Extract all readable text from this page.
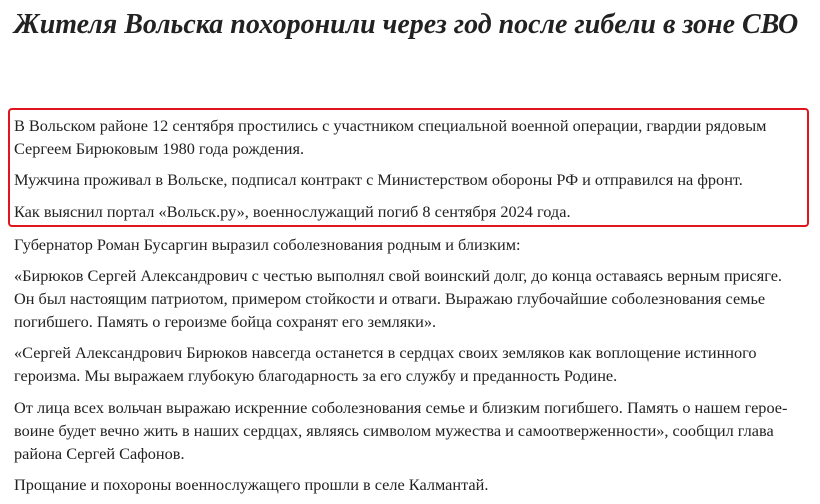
Жителя Вольска похоронили через год после гибели в зоне СВО

В Вольском районе 12 сентября простились с участником специальной военной операции, гвардии рядовым Сергеем Бирюковым 1980 года рождения.

Мужчина проживал в Вольске, подписал контракт с Министерством обороны РФ и отправился на фронт.

Как выяснил портал «Вольск.ру», военнослужащий погиб 8 сентября 2024 года.

Губернатор Роман Бусаргин выразил соболезнования родным и близким:

«Бирюков Сергей Александрович с честью выполнял свой воинский долг, до конца оставаясь верным присяге. Он был настоящим патриотом, примером стойкости и отваги. Выражаю глубочайшие соболезнования семье погибшего. Память о героизме бойца сохранят его земляки».

«Сергей Александрович Бирюков навсегда останется в сердцах своих земляков как воплощение истинного героизма. Мы выражаем глубокую благодарность за его службу и преданность Родине.

От лица всех вольчан выражаю искренние соболезнования семье и близким погибшего. Память о нашем герое-воине будет вечно жить в наших сердцах, являясь символом мужества и самоотверженности», сообщил глава района Сергей Сафонов.

Прощание и похороны военнослужащего прошли в селе Калмантай.
